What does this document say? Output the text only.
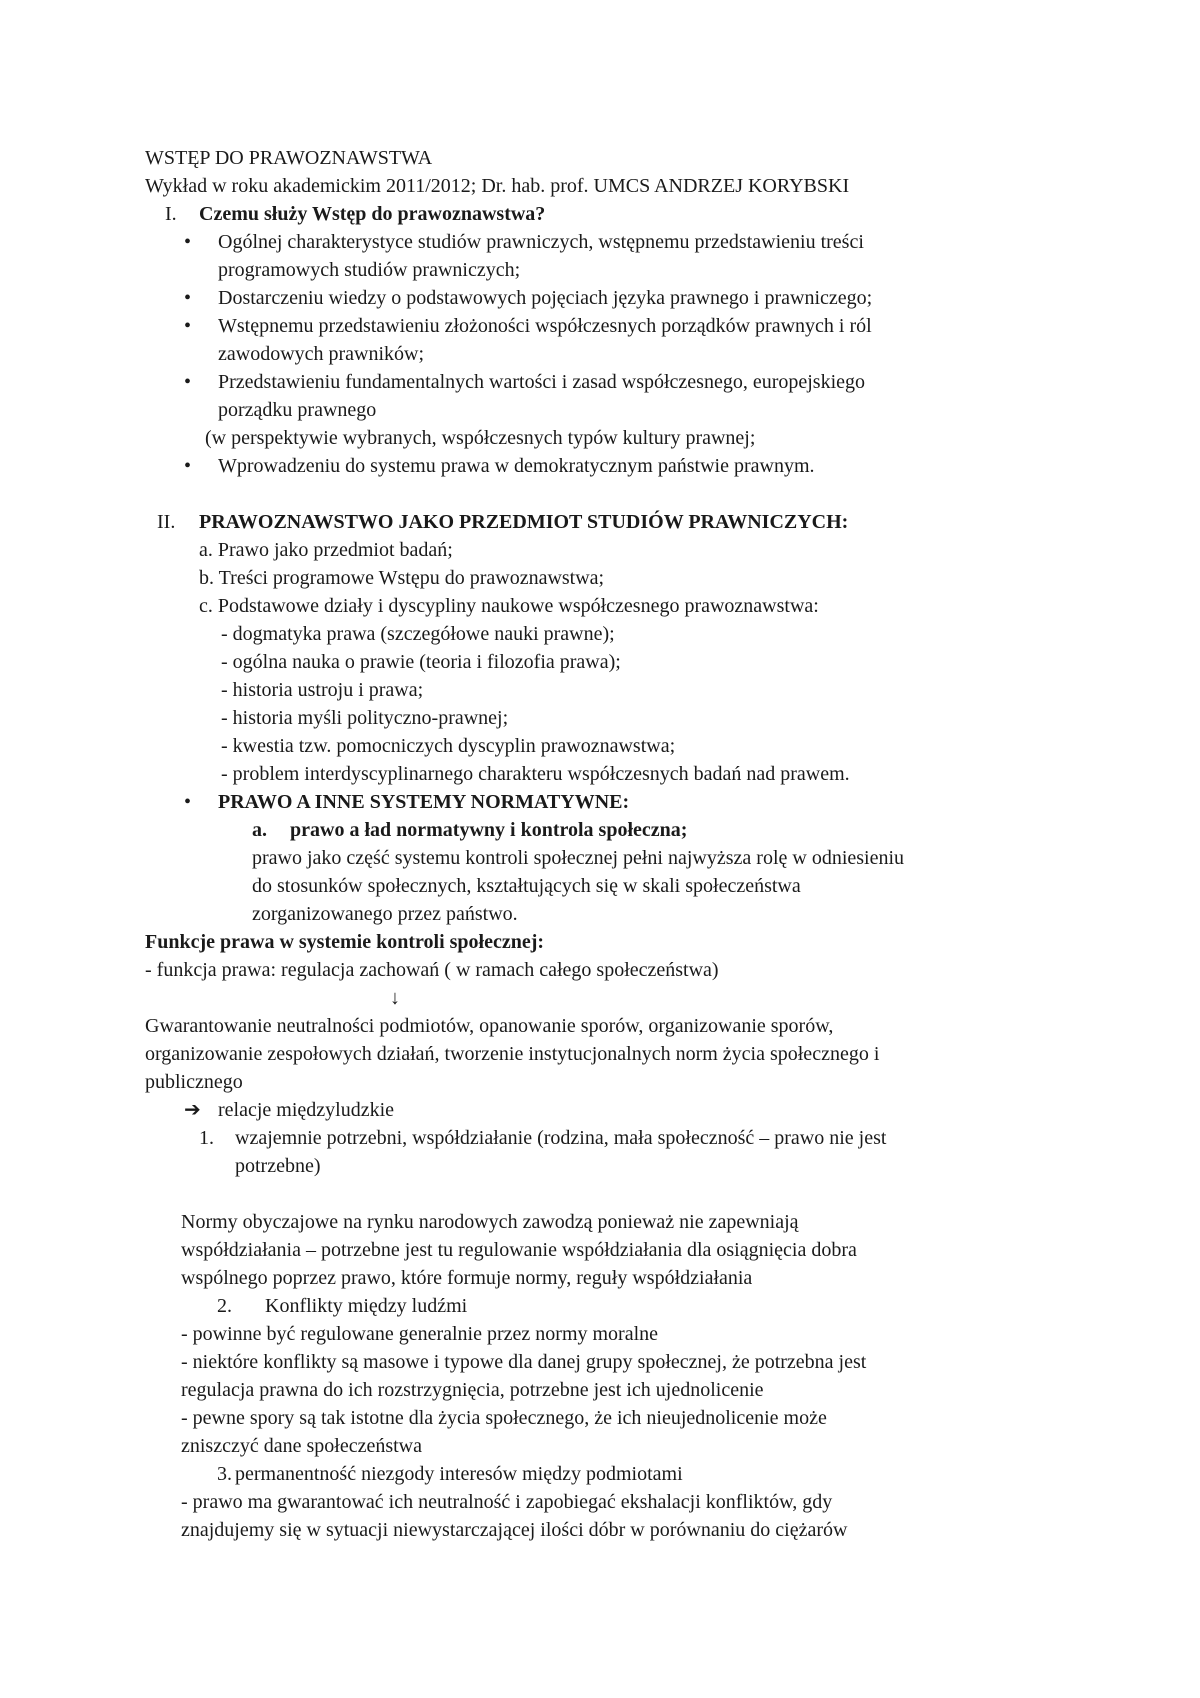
WSTĘP DO PRAWOZNAWSTWA
Wykład w roku akademickim 2011/2012; Dr. hab. prof. UMCS ANDRZEJ KORYBSKI
I. Czemu służy Wstęp do prawoznawstwa?
• Ogólnej charakterystyce studiów prawniczych, wstępnemu przedstawieniu treści
programowych studiów prawniczych;
• Dostarczeniu wiedzy o podstawowych pojęciach języka prawnego i prawniczego;
• Wstępnemu przedstawieniu złożoności współczesnych porządków prawnych i ról
zawodowych prawników;
• Przedstawieniu fundamentalnych wartości i zasad współczesnego, europejskiego
porządku prawnego
(w perspektywie wybranych, współczesnych typów kultury prawnej;
• Wprowadzeniu do systemu prawa w demokratycznym państwie prawnym.
II. PRAWOZNAWSTWO JAKO PRZEDMIOT STUDIÓW PRAWNICZYCH:
a. Prawo jako przedmiot badań;
b. Treści programowe Wstępu do prawoznawstwa;
c. Podstawowe działy i dyscypliny naukowe współczesnego prawoznawstwa:
- dogmatyka prawa (szczegółowe nauki prawne);
- ogólna nauka o prawie (teoria i filozofia prawa);
- historia ustroju i prawa;
- historia myśli polityczno-prawnej;
- kwestia tzw. pomocniczych dyscyplin prawoznawstwa;
- problem interdyscyplinarnego charakteru współczesnych badań nad prawem.
• PRAWO A INNE SYSTEMY NORMATYWNE:
a. prawo a ład normatywny i kontrola społeczna;
prawo jako część systemu kontroli społecznej pełni najwyższa rolę w odniesieniu
do stosunków społecznych, kształtujących się w skali społeczeństwa
zorganizowanego przez państwo.
Funkcje prawa w systemie kontroli społecznej:
- funkcja prawa: regulacja zachowań ( w ramach całego społeczeństwa)
↓
Gwarantowanie neutralności podmiotów, opanowanie sporów, organizowanie sporów,
organizowanie zespołowych działań, tworzenie instytucjonalnych norm życia społecznego i
publicznego
➔ relacje międzyludzkie
1. wzajemnie potrzebni, współdziałanie (rodzina, mała społeczność – prawo nie jest
potrzebne)
Normy obyczajowe na rynku narodowych zawodzą ponieważ nie zapewniają
współdziałania – potrzebne jest tu regulowanie współdziałania dla osiągnięcia dobra
wspólnego poprzez prawo, które formuje normy, reguły współdziałania
2. Konflikty między ludźmi
- powinne być regulowane generalnie przez normy moralne
- niektóre konflikty są masowe i typowe dla danej grupy społecznej, że potrzebna jest
regulacja prawna do ich rozstrzygnięcia, potrzebne jest ich ujednolicenie
- pewne spory są tak istotne dla życia społecznego, że ich nieujednolicenie może
zniszczyć dane społeczeństwa
3. permanentność niezgody interesów między podmiotami
- prawo ma gwarantować ich neutralność i zapobiegać ekshalacji konfliktów, gdy
znajdujemy się w sytuacji niewystarczającej ilości dóbr w porównaniu do ciężarów
